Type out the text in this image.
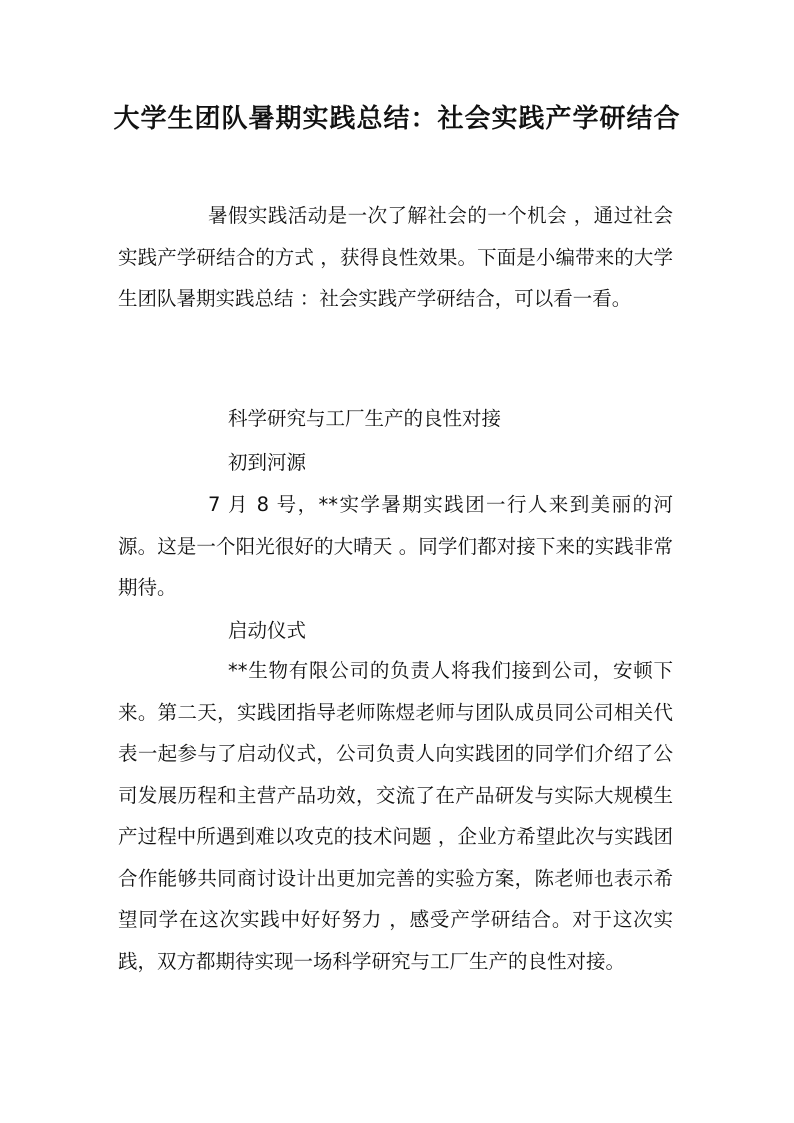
大学生团队暑期实践总结：社会实践产学研结合

暑假实践活动是一次了解社会的一个机会 ，通过社会实践产学研结合的方式 ，获得良性效果。下面是小编带来的大学生团队暑期实践总结 ：社会实践产学研结合，可以看一看。

科学研究与工厂生产的良性对接

初到河源

7 月 8 号，**实学暑期实践团一行人来到美丽的河源。这是一个阳光很好的大晴天 。同学们都对接下来的实践非常期待。

启动仪式

**生物有限公司的负责人将我们接到公司，安顿下来。第二天，实践团指导老师陈煜老师与团队成员同公司相关代表一起参与了启动仪式，公司负责人向实践团的同学们介绍了公司发展历程和主营产品功效，交流了在产品研发与实际大规模生产过程中所遇到难以攻克的技术问题 ，企业方希望此次与实践团合作能够共同商讨设计出更加完善的实验方案，陈老师也表示希望同学在这次实践中好好努力 ，感受产学研结合。对于这次实践，双方都期待实现一场科学研究与工厂生产的良性对接。
